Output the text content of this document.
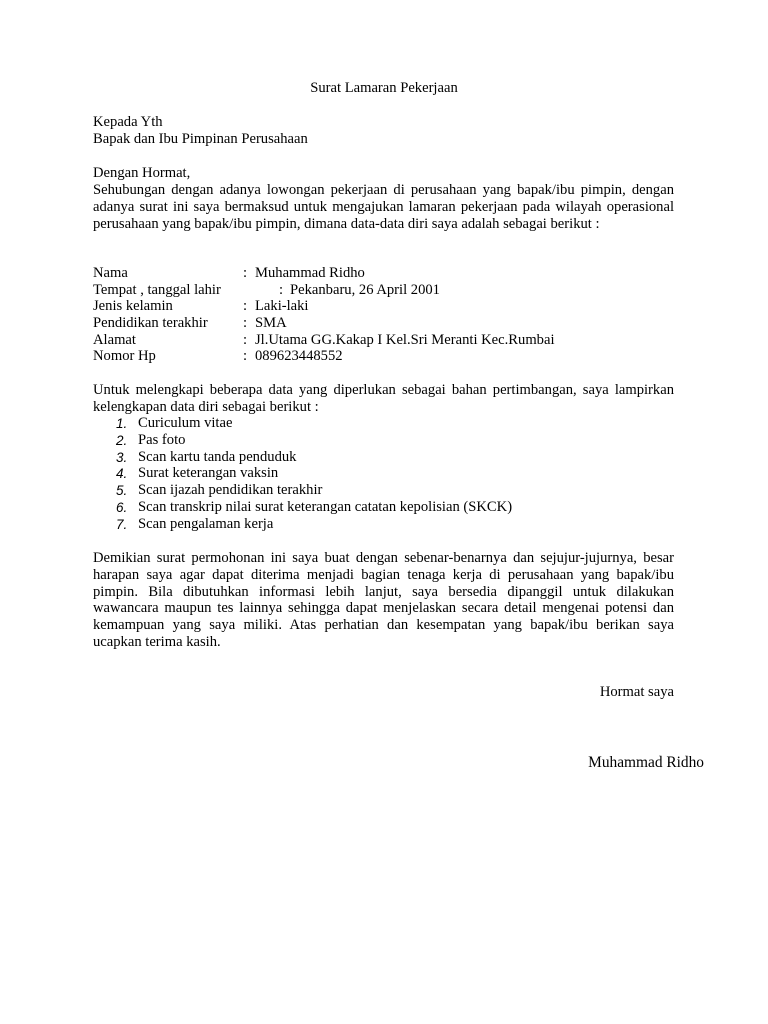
Surat Lamaran Pekerjaan
Kepada Yth
Bapak dan Ibu Pimpinan Perusahaan
Dengan Hormat,
Sehubungan dengan adanya lowongan pekerjaan di perusahaan yang bapak/ibu pimpin, dengan adanya surat ini saya bermaksud untuk mengajukan lamaran pekerjaan pada wilayah operasional perusahaan yang bapak/ibu pimpin, dimana data-data diri saya adalah sebagai berikut :
Nama	: Muhammad Ridho
Tempat , tanggal lahir	: Pekanbaru, 26 April 2001
Jenis kelamin	: Laki-laki
Pendidikan terakhir : SMA
Alamat	: Jl.Utama GG.Kakap I Kel.Sri Meranti Kec.Rumbai
Nomor Hp	: 089623448552
Untuk melengkapi beberapa data yang diperlukan sebagai bahan pertimbangan, saya lampirkan kelengkapan data diri sebagai berikut :
1. Curiculum vitae
2. Pas foto
3. Scan kartu tanda penduduk
4. Surat keterangan vaksin
5. Scan ijazah pendidikan terakhir
6. Scan transkrip nilai surat keterangan catatan kepolisian (SKCK)
7. Scan pengalaman kerja
Demikian surat permohonan ini saya buat dengan sebenar-benarnya dan sejujur-jujurnya, besar harapan saya agar dapat diterima menjadi bagian tenaga kerja di perusahaan yang bapak/ibu pimpin. Bila dibutuhkan informasi lebih lanjut, saya bersedia dipanggil untuk dilakukan wawancara maupun tes lainnya sehingga dapat menjelaskan secara detail mengenai potensi dan kemampuan yang saya miliki. Atas perhatian dan kesempatan yang bapak/ibu berikan saya ucapkan terima kasih.
Hormat saya
Muhammad Ridho
